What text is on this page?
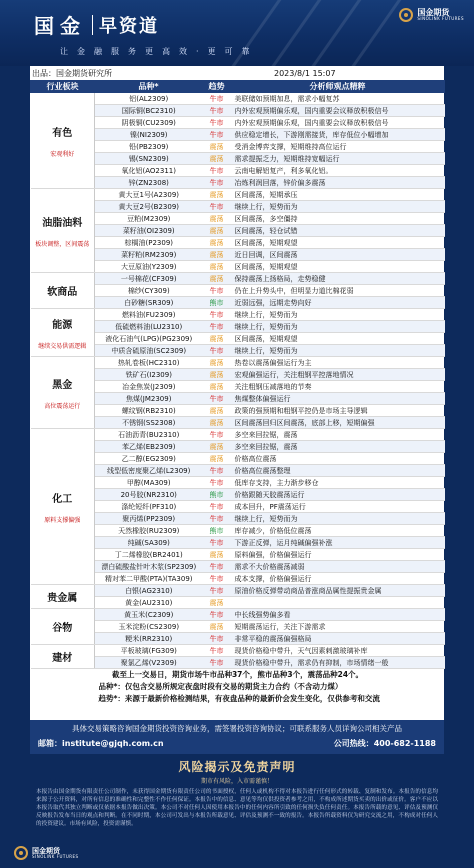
国金 早资道
让金融服务更高效·更可靠
国金期货
SINOLINK FUTURES
出品：国金期货研究所	2023/8/1 15:07
行业板块	品种*	趋势	分析师观点精粹

有色
宏观利好	铝(AL2309)	牛市	美联储如预期加息，需求小幅复苏
	国际铜(BC2310)	牛市	内外宏观预期偏乐观，国内重要会议释放积极信号
	阴极铜(CU2309)	牛市	内外宏观预期偏乐观，国内重要会议释放积极信号
	镍(NI2309)	牛市	供应稳定增长，下游刚需接货，库存低位小幅增加
	铅(PB2309)	震荡	受消金博弈支撑，短期维持高位运行
	锡(SN2309)	震荡	需求提振乏力，短期维持宽幅运行
	氧化铝(AO2311)	牛市	云南电解铝复产，利多氧化铝。
	锌(ZN2308)	牛市	冶炼利润回落，锌价偏多震荡

油脂油料
板块调整，区间震荡	黄大豆1号(A2309)	震荡	区间震荡，短期承压
	黄大豆2号(B2309)	牛市	继续上行，短势而为
	豆粕(M2309)	震荡	区间震荡，多空僵持
	菜籽油(OI2309)	震荡	区间震荡，轻仓试错
	棕榈油(P2309)	震荡	区间震荡，短期观望
	菜籽粕(RM2309)	震荡	近日回调，区间震荡
	大豆原油(Y2309)	震荡	区间震荡，短期观望

软商品	一号棉花(CF309)	震荡	保持震荡上扬格局，走势稳健
	棉纱(CY309)	牛市	仍在上升势头中，但明显力道比棉花弱
	白砂糖(SR309)	熊市	近弱远强，远期走势向好

能源
继续交易供需逻辑	燃料油(FU2309)	牛市	继续上行，短势而为
	低硫燃料油(LU2310)	牛市	继续上行，短势而为
	液化石油气(LPG)(PG2309)	震荡	区间震荡，短期观望
	中质含硫原油(SC2309)	牛市	继续上行，短势而为

黑金
高位震荡运行	热轧卷板(HC2310)	震荡	热卷以震荡偏强运行为主
	铁矿石(I2309)	震荡	宏观偏强运行，关注粗钢平控落地情况
	冶金焦炭(J2309)	震荡	关注粗钢压减落地的节奏
	焦煤(JM2309)	牛市	焦煤整体偏强运行
	螺纹钢(RB2310)	震荡	政策的强预期和粗钢平控仍是市场主导逻辑
	不锈钢(SS2308)	震荡	区间震荡回归区间震荡，底部上移，短期偏强

化工
原料支撑偏强	石油沥青(BU2310)	牛市	多空来回拉锯，震荡
	苯乙烯(EB2309)	震荡	多空来回拉锯，震荡
	乙二醇(EG2309)	震荡	价格高位震荡
	线型低密度聚乙烯(L2309)	牛市	价格高位震荡整理
	甲醇(MA309)	牛市	低库存支持，主力渐步移仓
	20号胶(NR2310)	熊市	价格跟随天胶震荡运行
	涤纶短纤(PF310)	牛市	成本回升，PF震荡运行
	聚丙烯(PP2309)	牛市	继续上行，短势而为
	天然橡胶(RU2309)	熊市	库存减少，价格低位震荡
	纯碱(SA309)	牛市	下游正反弹，运月纯碱偏强补涨
	丁二烯橡胶(BR2401)	震荡	原料偏强，价格偏强运行
	漂白硫酸盐针叶木浆(SP2309)	牛市	需求不大价格震荡减弱
	精对苯二甲酸(PTA)(TA309)	牛市	成本支撑，价格偏强运行

贵金属	白银(AG2310)	牛市	原油价格反弹带动商品普涨商品属性提振贵金属
	黄金(AU2310)	震荡	

谷物	黄玉米(C2309)	牛市	中长线强势偏多看
	玉米淀粉(CS2309)	震荡	短期震荡运行，关注下游需求
	粳米(RR2310)	牛市	非常平稳的震荡偏强格局

建材	平板玻璃(FG309)	牛市	现货价格稳中带升，天气因素刺激玻璃补库
	聚氯乙烯(V2309)	牛市	现货价格稳中带升，需求仍有抑制，市场情绪一般
截至上一交易日，期货市场牛市品种37个，熊市品种3个，震荡品种24个。			
品种*：仅包含交易所规定夜盘时段有交易的期货主力合约（不含动力煤）			
趋势*：来源于最新价格检测结果，有夜盘品种的最新价会发生变化，仅供参考和交流			
具体交易策略咨询国金期货投资咨询业务，需签署投资咨询协议；可联系服务人员详询公司相关产品
邮箱：institute@gjqh.com.cn	公司热线：400-682-1188
风险揭示及免责声明
期市有风险，入市需谨慎！
本报告由国金期货有限责任公司制作，未获得国金期货有限责任公司的书面授权，任何人或机构不得对本报告进行任何形式的转载、复制和发布。本报告的信息均来源于公开资料，对所有信息的准确性和完整性不作任何保证。本报告中的信息、意见等均仅供投资者参考之用，不构成所述期货买卖的出价或征价。客户不应以本报告取代其独立判断或仅依据本报告做出决策。本公司不对任何人因使用本报告中的任何内容所引致的任何损失负任何责任。本报告所载的意见、评估及预测仅反映报告发布当日的观点和判断。在不同时期，本公司可发出与本报告所载意见、评估及预测不一致的报告。本报告所载资料仅为研究交流之用，不构成对任何人的投资建议。市场有风险，投资需谨慎。
国金期货
SINOLINK FUTURES
